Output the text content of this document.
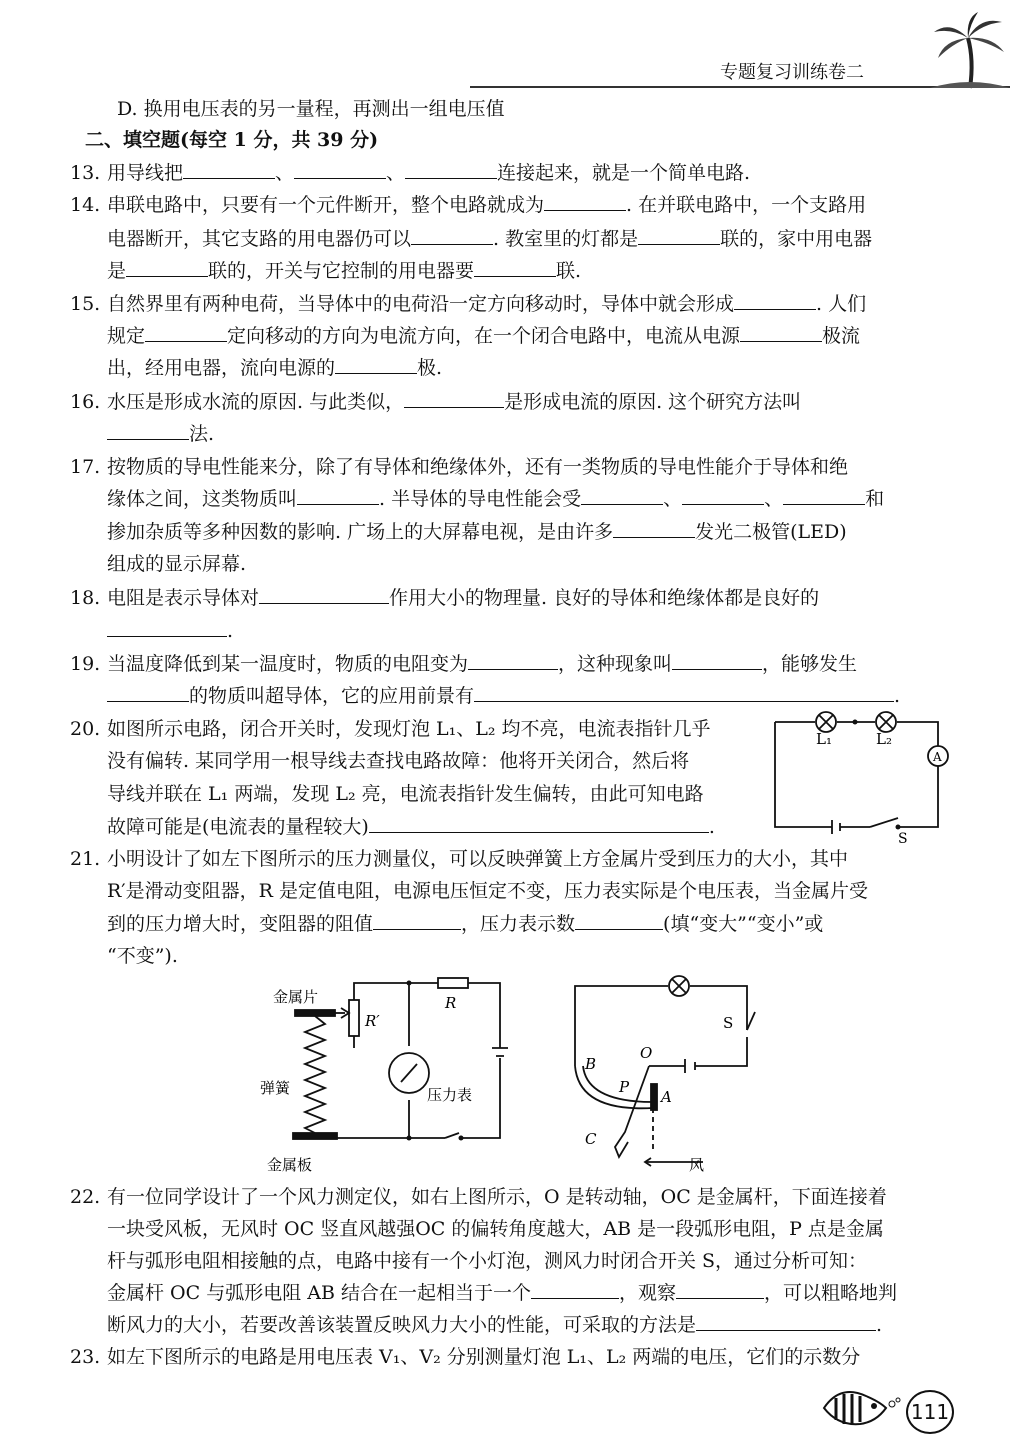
专题复习训练卷二
D. 换用电压表的另一量程，再测出一组电压值
二、填空题(每空 1 分，共 39 分)
13. 用导线把	、	、	连接起来，就是一个简单电路.
14. 串联电路中，只要有一个元件断开，整个电路就成为	. 在并联电路中，一个支路用
电器断开，其它支路的用电器仍可以	. 教室里的灯都是	联的，家中用电器
是	联的，开关与它控制的用电器要	联.
15. 自然界里有两种电荷，当导体中的电荷沿一定方向移动时，导体中就会形成	. 人们
规定	定向移动的方向为电流方向，在一个闭合电路中，电流从电源	极流
出，经用电器，流向电源的	极.
16. 水压是形成水流的原因. 与此类似，	是形成电流的原因. 这个研究方法叫
法.
17. 按物质的导电性能来分，除了有导体和绝缘体外，还有一类物质的导电性能介于导体和绝
缘体之间，这类物质叫	. 半导体的导电性能会受	、	、	和
掺加杂质等多种因数的影响. 广场上的大屏幕电视，是由许多	发光二极管(LED)
组成的显示屏幕.
18. 电阻是表示导体对	作用大小的物理量. 良好的导体和绝缘体都是良好的
.
19. 当温度降低到某一温度时，物质的电阻变为	，这种现象叫	，能够发生
的物质叫超导体，它的应用前景有	.
20. 如图所示电路，闭合开关时，发现灯泡 L₁、L₂ 均不亮，电流表指针几乎
没有偏转. 某同学用一根导线去查找电路故障：他将开关闭合，然后将
导线并联在 L₁ 两端，发现 L₂ 亮，电流表指针发生偏转，由此可知电路
故障可能是(电流表的量程较大)	.
L₁	L₂
A
S
21. 小明设计了如左下图所示的压力测量仪，可以反映弹簧上方金属片受到压力的大小，其中
R′是滑动变阻器，R 是定值电阻，电源电压恒定不变，压力表实际是个电压表，当金属片受
到的压力增大时，变阻器的阻值	，压力表示数	(填“变大”“变小”或
“不变”).
金属片
弹簧
金属板
R′
R
压力表
O
B
P
A
C
S
风
22. 有一位同学设计了一个风力测定仪，如右上图所示，O 是转动轴，OC 是金属杆，下面连接着
一块受风板，无风时 OC 竖直风越强OC 的偏转角度越大，AB 是一段弧形电阻，P 点是金属
杆与弧形电阻相接触的点，电路中接有一个小灯泡，测风力时闭合开关 S，通过分析可知：
金属杆 OC 与弧形电阻 AB 结合在一起相当于一个	，观察	，可以粗略地判
断风力的大小，若要改善该装置反映风力大小的性能，可采取的方法是	.
23. 如左下图所示的电路是用电压表 V₁、V₂ 分别测量灯泡 L₁、L₂ 两端的电压，它们的示数分
111
